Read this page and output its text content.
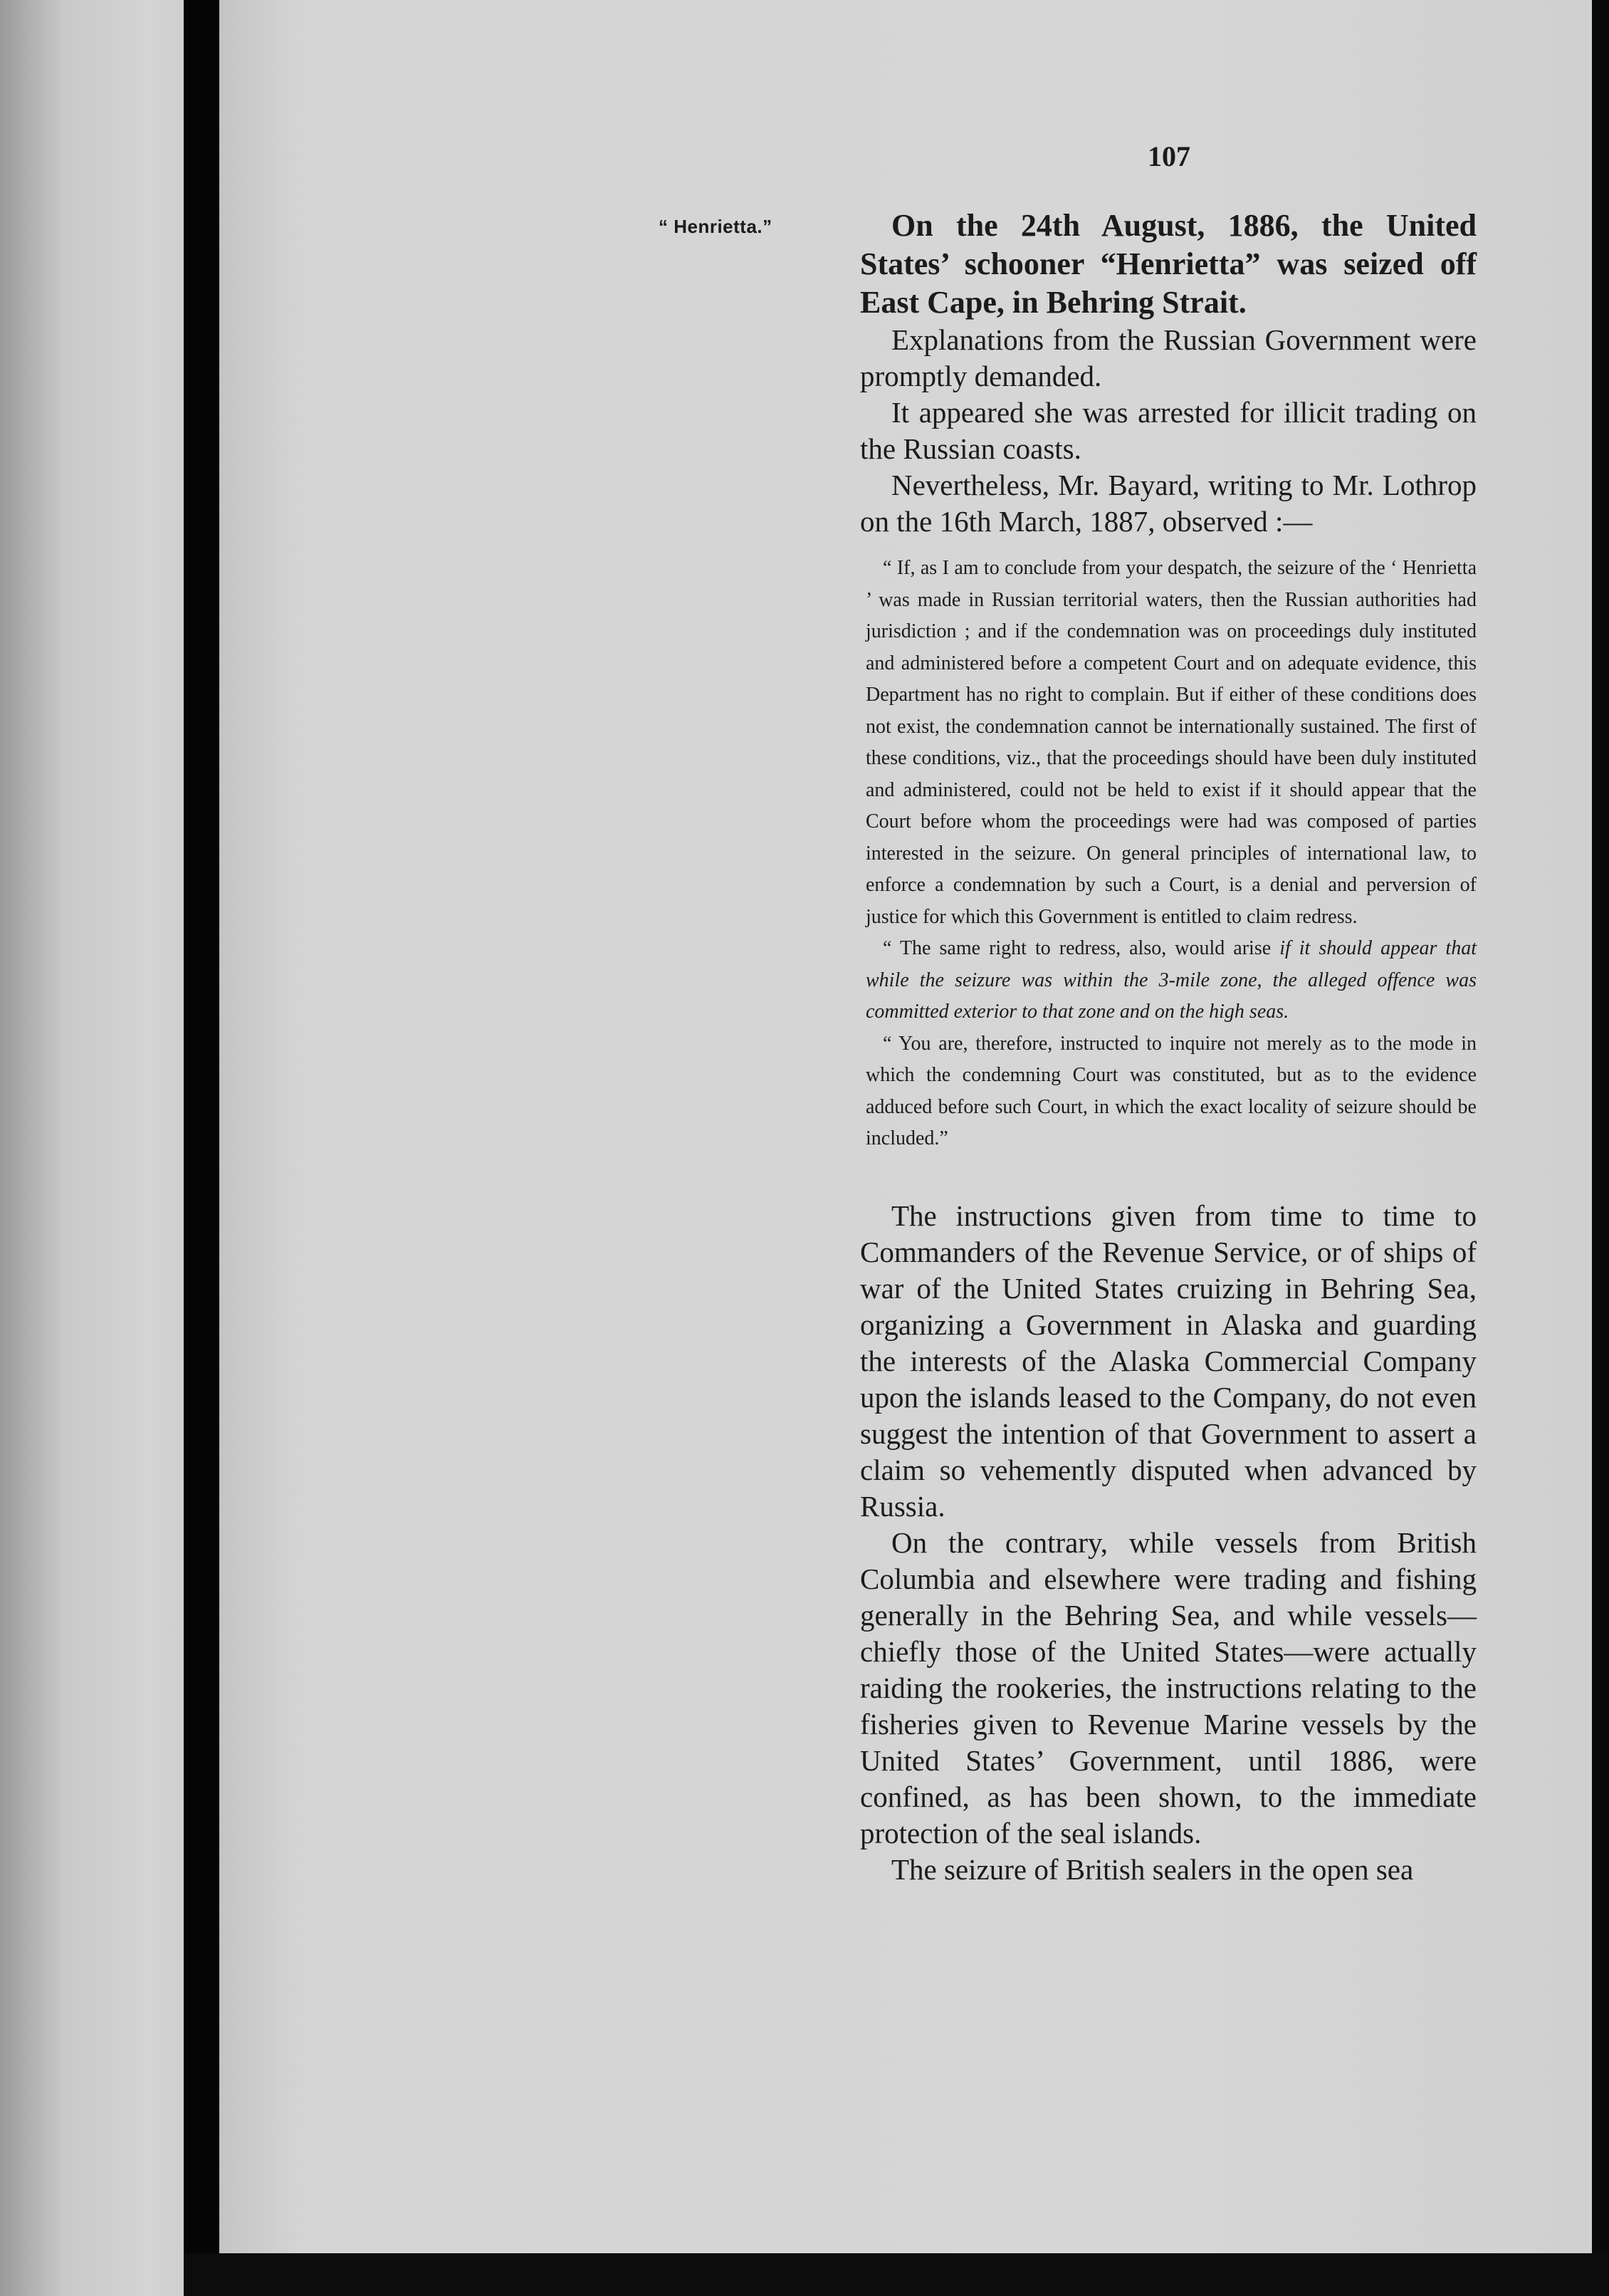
107

“ Henrietta.”	On the 24th August, 1886, the United States’ schooner “Henrietta” was seized off East Cape, in Behring Strait.

Explanations from the Russian Government were promptly demanded.

It appeared she was arrested for illicit trading on the Russian coasts.

Nevertheless, Mr. Bayard, writing to Mr. Lothrop on the 16th March, 1887, observed :—

“ If, as I am to conclude from your despatch, the seizure of the ‘ Henrietta ’ was made in Russian territorial waters, then the Russian authorities had jurisdiction ; and if the condemnation was on proceedings duly instituted and administered before a competent Court and on adequate evidence, this Department has no right to complain. But if either of these conditions does not exist, the condemnation cannot be internationally sustained. The first of these conditions, viz., that the proceedings should have been duly instituted and administered, could not be held to exist if it should appear that the Court before whom the proceedings were had was composed of parties interested in the seizure. On general principles of international law, to enforce a condemnation by such a Court, is a denial and perversion of justice for which this Government is entitled to claim redress.

“ The same right to redress, also, would arise if it should appear that while the seizure was within the 3-mile zone, the alleged offence was committed exterior to that zone and on the high seas.

“ You are, therefore, instructed to inquire not merely as to the mode in which the condemning Court was constituted, but as to the evidence adduced before such Court, in which the exact locality of seizure should be included.”

The instructions given from time to time to Commanders of the Revenue Service, or of ships of war of the United States cruizing in Behring Sea, organizing a Government in Alaska and guarding the interests of the Alaska Commercial Company upon the islands leased to the Company, do not even suggest the intention of that Government to assert a claim so vehemently disputed when advanced by Russia.

On the contrary, while vessels from British Columbia and elsewhere were trading and fishing generally in the Behring Sea, and while vessels—chiefly those of the United States—were actually raiding the rookeries, the instructions relating to the fisheries given to Revenue Marine vessels by the United States’ Government, until 1886, were confined, as has been shown, to the immediate protection of the seal islands.

The seizure of British sealers in the open sea
